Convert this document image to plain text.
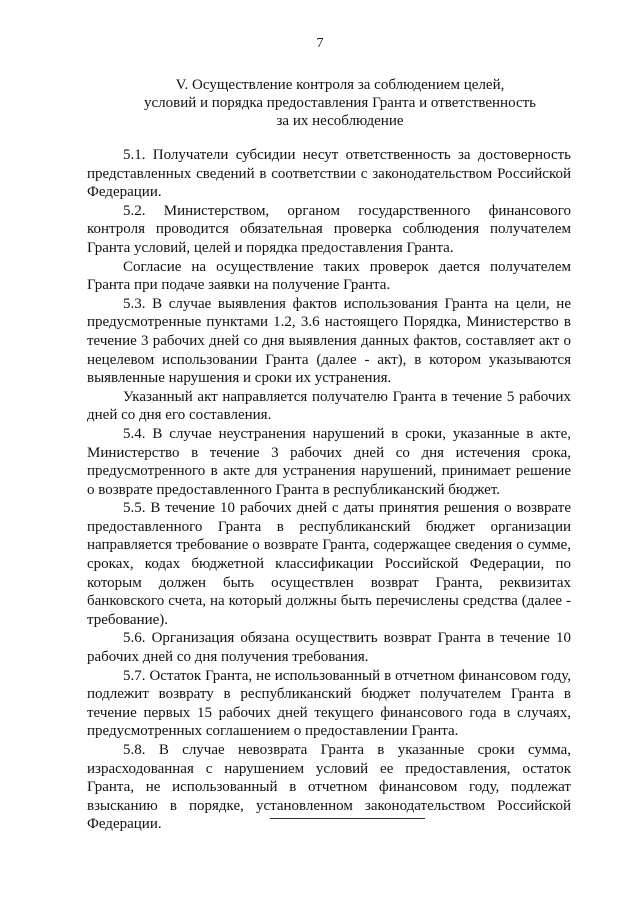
7
V. Осуществление контроля за соблюдением целей,
условий и порядка предоставления Гранта и ответственность
за их несоблюдение

5.1. Получатели субсидии несут ответственность за достоверность представленных сведений в соответствии с законодательством Российской Федерации.

5.2. Министерством, органом государственного финансового контроля проводится обязательная проверка соблюдения получателем Гранта условий, целей и порядка предоставления Гранта.

Согласие на осуществление таких проверок дается получателем Гранта при подаче заявки на получение Гранта.

5.3. В случае выявления фактов использования Гранта на цели, не предусмотренные пунктами 1.2, 3.6 настоящего Порядка, Министерство в течение 3 рабочих дней со дня выявления данных фактов, составляет акт о нецелевом использовании Гранта (далее - акт), в котором указываются выявленные нарушения и сроки их устранения.

Указанный акт направляется получателю Гранта в течение 5 рабочих дней со дня его составления.

5.4. В случае неустранения нарушений в сроки, указанные в акте, Министерство в течение 3 рабочих дней со дня истечения срока, предусмотренного в акте для устранения нарушений, принимает решение о возврате предоставленного Гранта в республиканский бюджет.

5.5. В течение 10 рабочих дней с даты принятия решения о возврате предоставленного Гранта в республиканский бюджет организации направляется требование о возврате Гранта, содержащее сведения о сумме, сроках, кодах бюджетной классификации Российской Федерации, по которым должен быть осуществлен возврат Гранта, реквизитах банковского счета, на который должны быть перечислены средства (далее - требование).

5.6. Организация обязана осуществить возврат Гранта в течение 10 рабочих дней со дня получения требования.

5.7. Остаток Гранта, не использованный в отчетном финансовом году, подлежит возврату в республиканский бюджет получателем Гранта в течение первых 15 рабочих дней текущего финансового года в случаях, предусмотренных соглашением о предоставлении Гранта.

5.8. В случае невозврата Гранта в указанные сроки сумма, израсходованная с нарушением условий ее предоставления, остаток Гранта, не использованный в отчетном финансовом году, подлежат взысканию в порядке, установленном законодательством Российской Федерации.
